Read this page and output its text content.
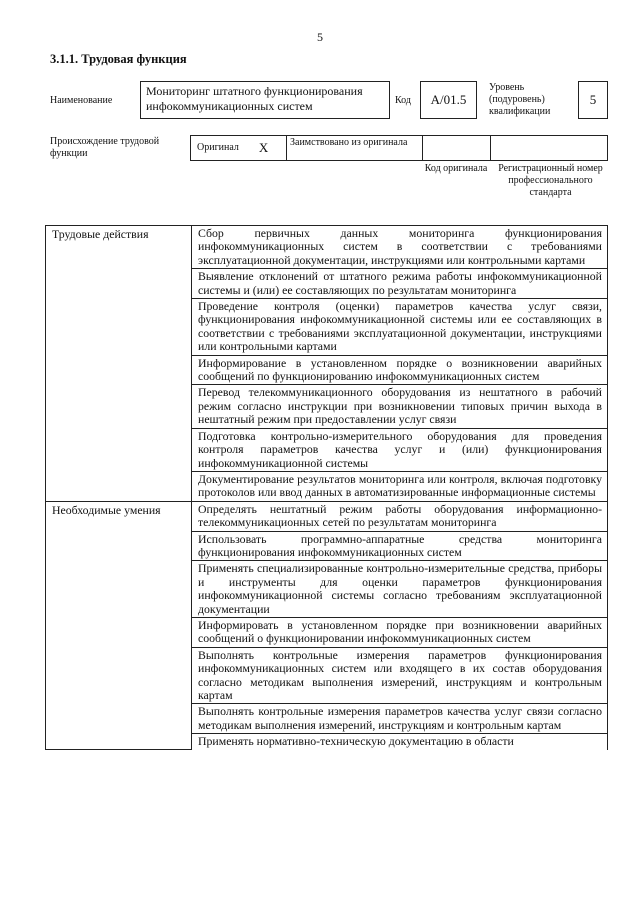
5
3.1.1. Трудовая функция
Наименование
Мониторинг штатного функционирования инфокоммуникационных систем	Код	А/01.5
Уровень (подуровень) квалификации
5
Происхождение трудовой функции
Оригинал X	Заимствовано из оригинала
Код оригинала	Регистрационный номер профессионального стандарта
Трудовые действия	Сбор первичных данных мониторинга функционирования инфокоммуникационных систем в соответствии с требованиями эксплуатационной документации, инструкциями или контрольными картами
	Выявление отклонений от штатного режима работы инфокоммуникационной системы и (или) ее составляющих по результатам мониторинга
	Проведение контроля (оценки) параметров качества услуг связи, функционирования инфокоммуникационной системы или ее составляющих в соответствии с требованиями эксплуатационной документации, инструкциями или контрольными картами
	Информирование в установленном порядке о возникновении аварийных сообщений по функционированию инфокоммуникационных систем
	Перевод телекоммуникационного оборудования из нештатного в рабочий режим согласно инструкции при возникновении типовых причин выхода в нештатный режим при предоставлении услуг связи
	Подготовка контрольно-измерительного оборудования для проведения контроля параметров качества услуг и (или) функционирования инфокоммуникационной системы
	Документирование результатов мониторинга или контроля, включая подготовку протоколов или ввод данных в автоматизированные информационные системы
Необходимые умения	Определять нештатный режим работы оборудования информационно-телекоммуникационных сетей по результатам мониторинга
	Использовать программно-аппаратные средства мониторинга функционирования инфокоммуникационных систем
	Применять специализированные контрольно-измерительные средства, приборы и инструменты для оценки параметров функционирования инфокоммуникационной системы согласно требованиям эксплуатационной документации
	Информировать в установленном порядке при возникновении аварийных сообщений о функционировании инфокоммуникационных систем
	Выполнять контрольные измерения параметров функционирования инфокоммуникационных систем или входящего в их состав оборудования согласно методикам выполнения измерений, инструкциям и контрольным картам
	Выполнять контрольные измерения параметров качества услуг связи согласно методикам выполнения измерений, инструкциям и контрольным картам
	Применять нормативно-техническую документацию в области
